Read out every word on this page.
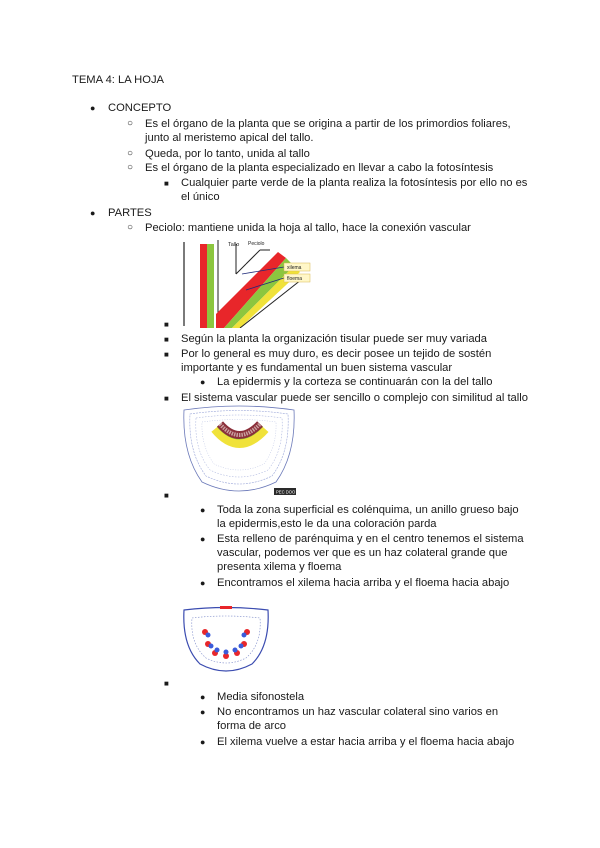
TEMA 4: LA HOJA
● CONCEPTO
○ Es el órgano de la planta que se origina a partir de los primordios foliares,
junto al meristemo apical del tallo.
○ Queda, por lo tanto, unida al tallo
○ Es el órgano de la planta especializado en llevar a cabo la fotosíntesis
■ Cualquier parte verde de la planta realiza la fotosíntesis por ello no es
el único
● PARTES
○ Peciolo: mantiene unida la hoja al tallo, hace la conexión vascular
Tallo Peciolo
xilema
floema
■
■ Según la planta la organización tisular puede ser muy variada
■ Por lo general es muy duro, es decir posee un tejido de sostén
importante y es fundamental un buen sistema vascular
● La epidermis y la corteza se continuarán con la del tallo
■ El sistema vascular puede ser sencillo o complejo con similitud al tallo
PEC DOO
■
● Toda la zona superficial es colénquima, un anillo grueso bajo
la epidermis,esto le da una coloración parda
● Esta relleno de parénquima y en el centro tenemos el sistema
vascular, podemos ver que es un haz colateral grande que
presenta xilema y floema
● Encontramos el xilema hacia arriba y el floema hacia abajo
■
● Media sifonostela
● No encontramos un haz vascular colateral sino varios en
forma de arco
● El xilema vuelve a estar hacia arriba y el floema hacia abajo
